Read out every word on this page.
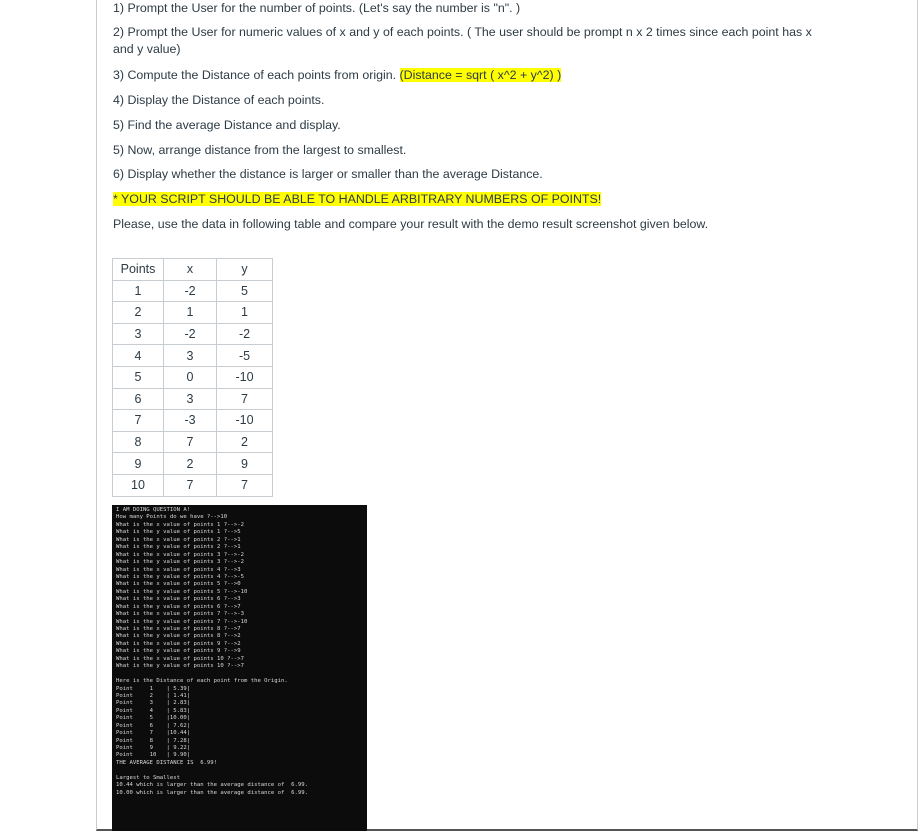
1) Prompt the User for the number of points. (Let's say the number is "n". )

2) Prompt the User for numeric values of x and y of each points. ( The user should be prompt n x 2 times since each point has x
and y value)

3) Compute the Distance of each points from origin. (Distance = sqrt ( x^2 + y^2) )

4) Display the Distance of each points.

5) Find the average Distance and display.

5) Now, arrange distance from the largest to smallest.

6) Display whether the distance is larger or smaller than the average Distance.

* YOUR SCRIPT SHOULD BE ABLE TO HANDLE ARBITRARY NUMBERS OF POINTS!

Please, use the data in following table and compare your result with the demo result screenshot given below.

Points	x	y
1	-2	5
2	1	1
3	-2	-2
4	3	-5
5	0	-10
6	3	7
7	-3	-10
8	7	2
9	2	9
10	7	7
I AM DOING QUESTION A!
How many Points do we have ?-->10
What is the x value of points 1 ?-->-2
What is the y value of points 1 ?-->5
What is the x value of points 2 ?-->1
What is the y value of points 2 ?-->1
What is the x value of points 3 ?-->-2
What is the y value of points 3 ?-->-2
What is the x value of points 4 ?-->3
What is the y value of points 4 ?-->-5
What is the x value of points 5 ?-->0
What is the y value of points 5 ?-->-10
What is the x value of points 6 ?-->3
What is the y value of points 6 ?-->7
What is the x value of points 7 ?-->-3
What is the y value of points 7 ?-->-10
What is the x value of points 8 ?-->7
What is the y value of points 8 ?-->2
What is the x value of points 9 ?-->2
What is the y value of points 9 ?-->9
What is the x value of points 10 ?-->7
What is the y value of points 10 ?-->7
Here is the Distance of each point from the Origin.
Point     1    | 5.39|
Point     2    | 1.41|
Point     3    | 2.83|
Point     4    | 5.83|
Point     5    |10.00|
Point     6    | 7.62|
Point     7    |10.44|
Point     8    | 7.28|
Point     9    | 9.22|
Point     10   | 9.90|
THE AVERAGE DISTANCE IS  6.99!
Largest to Smallest
10.44 which is larger than the average distance of  6.99.
10.00 which is larger than the average distance of  6.99.
